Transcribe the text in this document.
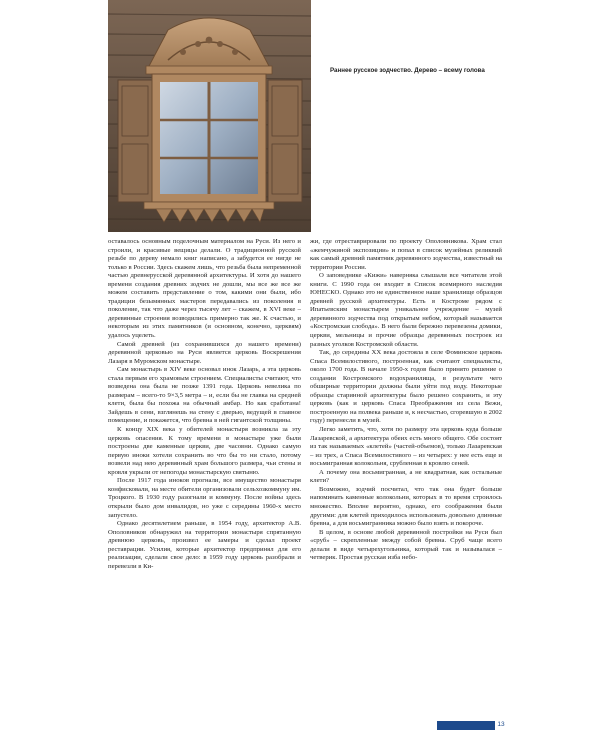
Раннее русское зодчество. Дерево – всему голова

жи, где отреставрировали по проекту Ополовникова. Храм стал «жемчужиной экспозиции» и попал в список музейных реликвий как самый древний памятник деревянного зодчества, известный на территории России.

О заповеднике «Кижи» наверняка слышали все читатели этой книги. С 1990 года он входит в Список всемирного наследия ЮНЕСКО. Однако это не единственное наше хранилище образцов древней русской архитектуры. Есть в Костроме рядом с Ипатьевским монастырем уникальное учреждение – музей деревянного зодчества под открытым небом, который называется «Костромская слобода». В него были бережно перевезены домики, церкви, мельницы и прочие образцы деревянных построек из разных уголков Костромской области.

Так, до середины XX века достояла в селе Фоминское церковь Спаса Всемилостивого, построенная, как считают специалисты, около 1700 года. В начале 1950-х годов было принято решение о создании Костромского водохранилища, в результате чего обширные территории должны были уйти под воду. Некоторые образцы старинной архитектуры было решено сохранить, и эту церковь (как и церковь Спаса Преображения из села Вежи, построенную на полвека раньше и, к несчастью, сгоревшую в 2002 году) перенесли в музей.

Легко заметить, что, хотя по размеру эта церковь куда больше Лазаревской, а архитектура обеих есть много общего. Обе состоят из так называемых «клетей» (частей-объемов), только Лазаревская – из трех, а Спаса Всемилостивого – из четырех: у нее есть еще и восьмигранная колокольня, срубленная в кровлю сеней.

А почему она восьмигранная, а не квадратная, как остальные клети?

Возможно, зодчий посчитал, что так она будет больше напоминать каменные колокольни, которых в то время строилось множество. Вполне вероятно, однако, его соображения были другими: для клетей приходилось использовать довольно длинные бревна, а для восьмигранника можно было взять и покороче.

В целом, в основе любой деревянной постройки на Руси был «сруб» – скрепленные между собой бревна. Сруб чаще всего делали в виде четырехугольника, который так и называлася – четверик. Простая русская изба небо-

оставалось основным поделочным материалом на Руси. Из него и строили, и красивые вещицы делали. О традиционной русской резьбе по дереву немало книг написано, а забудется ее нигде не только в России. Здесь скажем лишь, что резьба была непременной частью древнерусской деревянной архитектуры. И хотя до нашего времени создания древних зодчих не дошли, мы все же все же можем составить представление о том, какими они были, ибо традиции безымянных мастеров передавались из поколения в поколение, так что даже через тысячу лет – скажем, в XVI веке – деревянные строения возводились примерно так же. К счастью, и некоторым из этих памятников (и основном, конечно, церквям) удалось уцелеть.

Самой древней (из сохранившихся до нашего времени) деревянной церковью на Руси является церковь Воскрешения Лазаря в Муромском монастыре.

Сам монастырь в XIV веке основал инок Лазарь, а эта церковь стала первым его храмовым строением. Специалисты считают, что возведена она была не позже 1391 года. Церковь невелика по размерам – всего-то 9×3,5 метра – и, если бы не главка на средней клети, была бы похожа на обычный амбар. Но как сработана! Зайдешь в сени, взглянешь на стену с дверью, ведущей в главное помещение, и покажется, что бревна в ней гигантской толщины.

К концу XIX века у обителей монастыря возникла за эту церковь опасения. К тому времени в монастыре уже были построены две каменные церкви, две часовни. Однако самую первую иноки хотели сохранить во что бы то ни стало, потому возвели над нею деревянный храм большого размера, чьи стены и кровля укрыли от непогоды монастырскую святыню.

После 1917 года иноков прогнали, все имущество монастыря конфисковали, на месте обители организовали сельхозкоммуну им. Троцкого. В 1930 году разогнали и коммуну. После войны здесь открыли было дом инвалидов, но уже с середины 1960-х место запустело.

Однако десятилетием раньше, в 1954 году, архитектор А.В. Ополовников обнаружил на территории монастыря спрятанную древнюю церковь, произвел ее замеры и сделал проект реставрации. Усилия, которые архитектор предпринял для его реализации, сделали свое дело: в 1959 году церковь разобрали и перевезли в Ки-

13
